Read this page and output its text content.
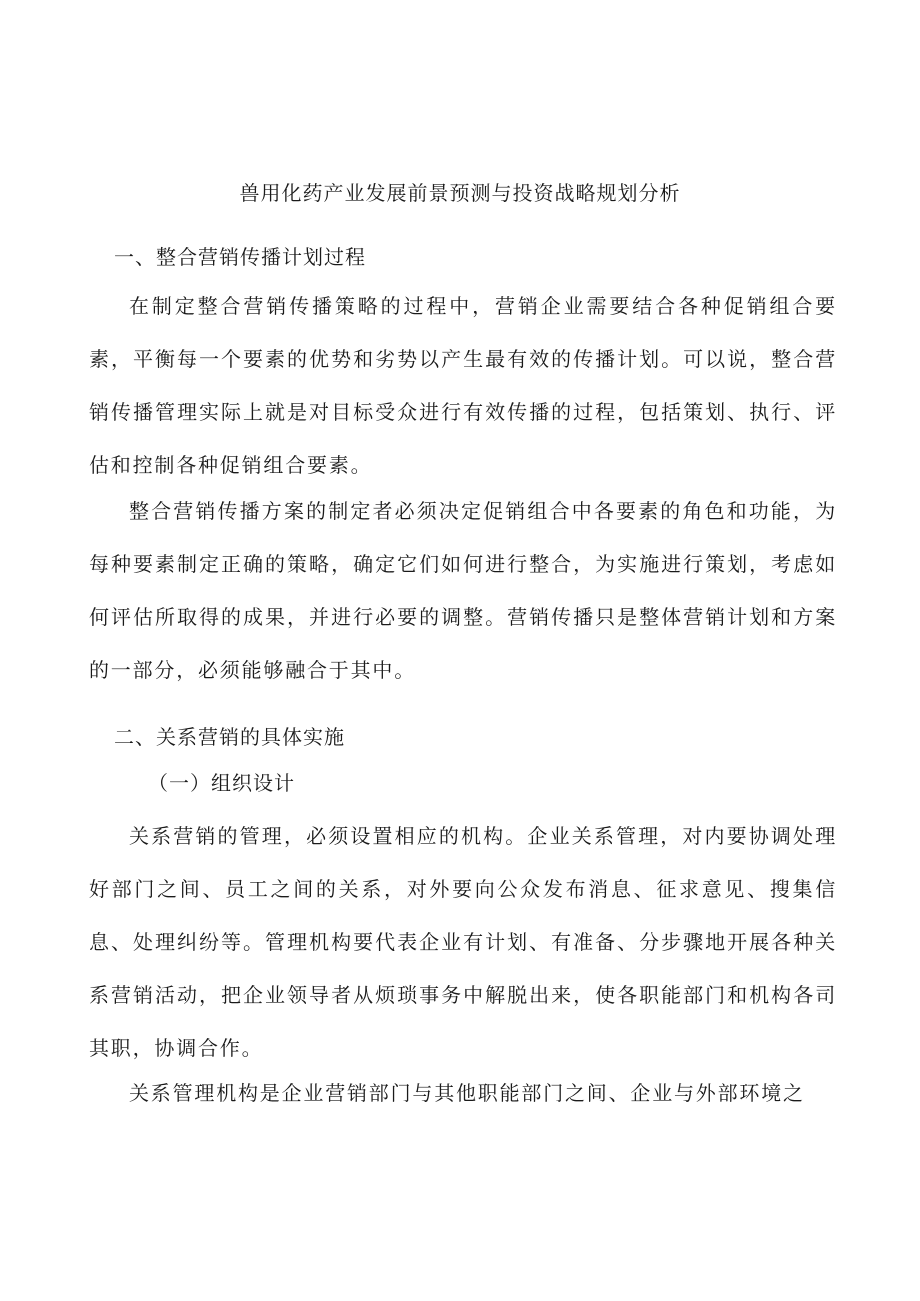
兽用化药产业发展前景预测与投资战略规划分析
一、整合营销传播计划过程

在制定整合营销传播策略的过程中，营销企业需要结合各种促销组合要素，平衡每一个要素的优势和劣势以产生最有效的传播计划。可以说，整合营销传播管理实际上就是对目标受众进行有效传播的过程，包括策划、执行、评估和控制各种促销组合要素。

整合营销传播方案的制定者必须决定促销组合中各要素的角色和功能，为每种要素制定正确的策略，确定它们如何进行整合，为实施进行策划，考虑如何评估所取得的成果，并进行必要的调整。营销传播只是整体营销计划和方案的一部分，必须能够融合于其中。

二、关系营销的具体实施
（一）组织设计

关系营销的管理，必须设置相应的机构。企业关系管理，对内要协调处理好部门之间、员工之间的关系，对外要向公众发布消息、征求意见、搜集信息、处理纠纷等。管理机构要代表企业有计划、有准备、分步骤地开展各种关系营销活动，把企业领导者从烦琐事务中解脱出来，使各职能部门和机构各司其职，协调合作。

关系管理机构是企业营销部门与其他职能部门之间、企业与外部环境之
